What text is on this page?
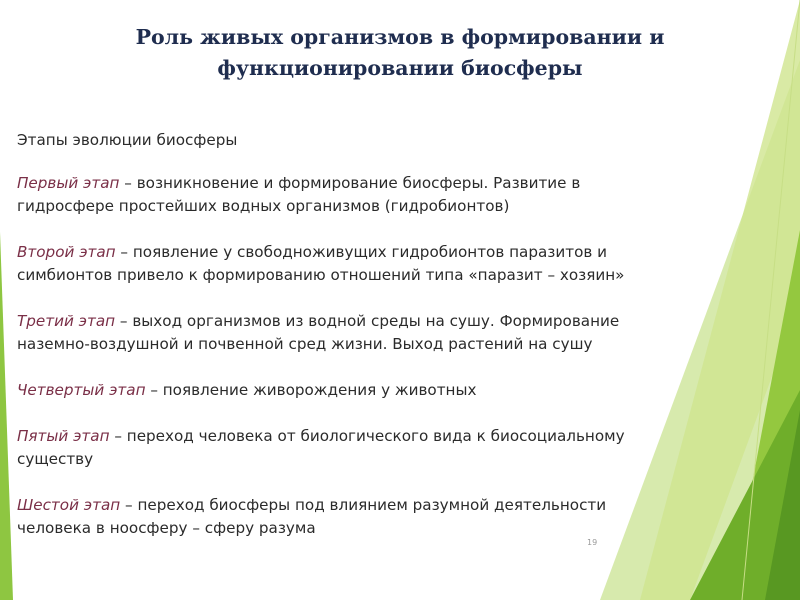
Роль живых организмов в формировании и
функционировании биосферы
Этапы эволюции биосферы
Первый этап – возникновение и формирование биосферы. Развитие в
гидросфере простейших водных организмов (гидробионтов)
Второй этап – появление у свободноживущих гидробионтов паразитов и
симбионтов привело к формированию отношений типа «паразит – хозяин»
Третий этап – выход организмов из водной среды на сушу. Формирование
наземно-воздушной и почвенной сред жизни. Выход растений на сушу
Четвертый этап – появление живорождения у животных
Пятый этап – переход человека от биологического вида к биосоциальному
существу
Шестой этап – переход биосферы под влиянием разумной деятельности
человека в ноосферу – сферу разума
19
